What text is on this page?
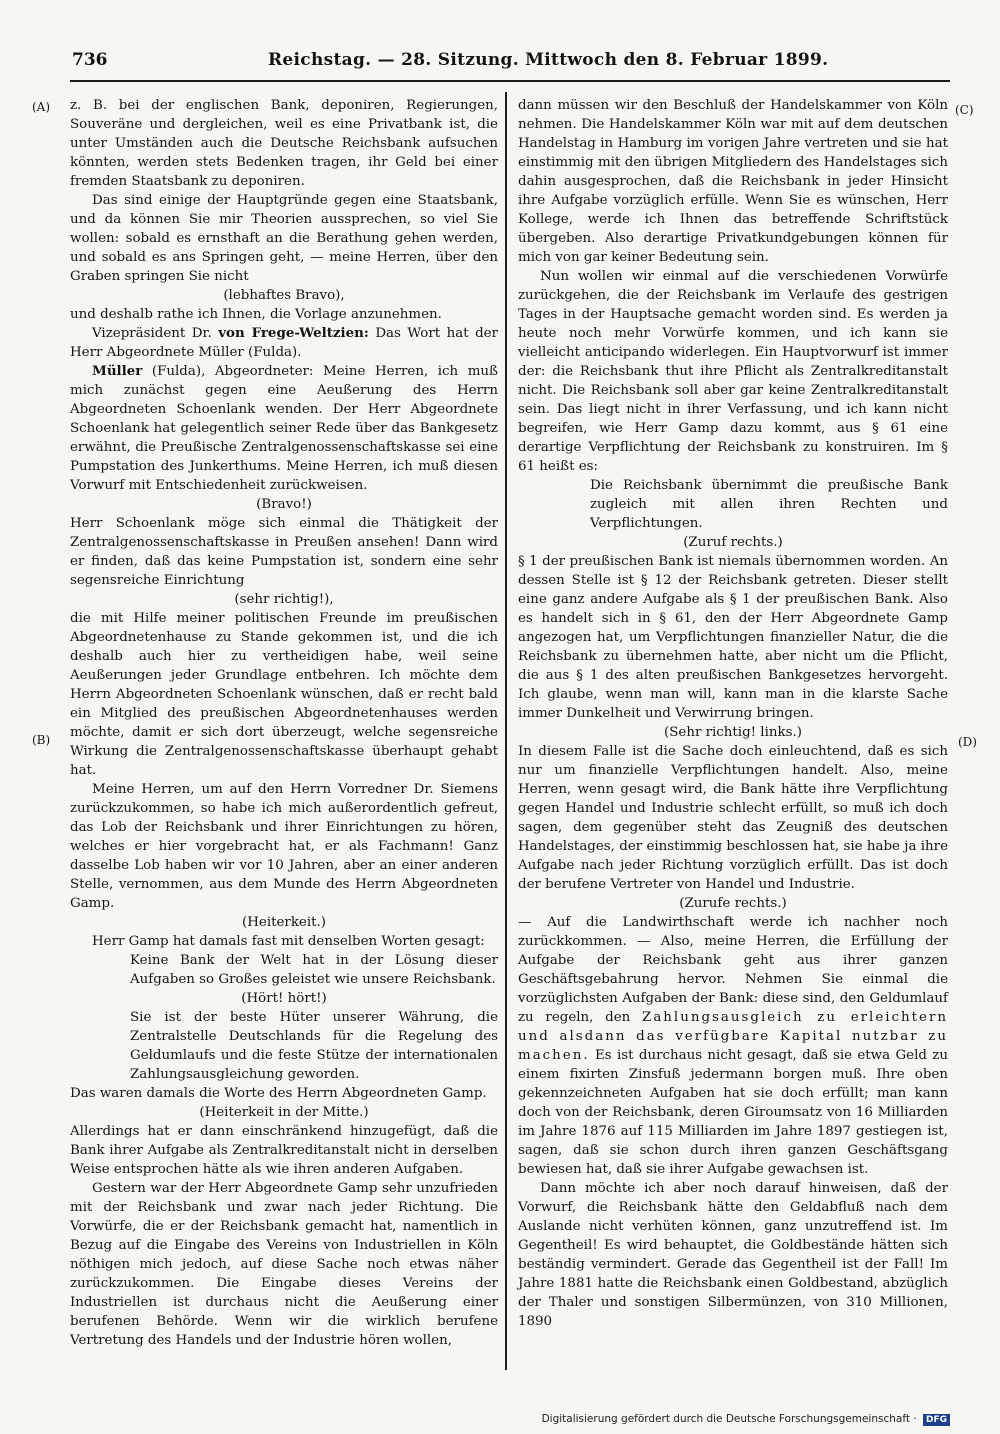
736	Reichstag. — 28. Sitzung. Mittwoch den 8. Februar 1899.
(A)
(B)
(C)
(D)

z. B. bei der englischen Bank, deponiren, Regierungen, Souveräne und dergleichen, weil es eine Privatbank ist, die unter Umständen auch die Deutsche Reichsbank aufsuchen könnten, werden stets Bedenken tragen, ihr Geld bei einer fremden Staatsbank zu deponiren.

Das sind einige der Hauptgründe gegen eine Staatsbank, und da können Sie mir Theorien aussprechen, so viel Sie wollen: sobald es ernsthaft an die Berathung gehen werden, und sobald es ans Springen geht, — meine Herren, über den Graben springen Sie nicht

(lebhaftes Bravo),

und deshalb rathe ich Ihnen, die Vorlage anzunehmen.

Vizepräsident Dr. von Frege-Weltzien: Das Wort hat der Herr Abgeordnete Müller (Fulda).

Müller (Fulda), Abgeordneter: Meine Herren, ich muß mich zunächst gegen eine Aeußerung des Herrn Abgeordneten Schoenlank wenden. Der Herr Abgeordnete Schoenlank hat gelegentlich seiner Rede über das Bankgesetz erwähnt, die Preußische Zentralgenossenschaftskasse sei eine Pumpstation des Junkerthums. Meine Herren, ich muß diesen Vorwurf mit Entschiedenheit zurückweisen.

(Bravo!)

Herr Schoenlank möge sich einmal die Thätigkeit der Zentralgenossenschaftskasse in Preußen ansehen! Dann wird er finden, daß das keine Pumpstation ist, sondern eine sehr segensreiche Einrichtung

(sehr richtig!),

die mit Hilfe meiner politischen Freunde im preußischen Abgeordnetenhause zu Stande gekommen ist, und die ich deshalb auch hier zu vertheidigen habe, weil seine Aeußerungen jeder Grundlage entbehren. Ich möchte dem Herrn Abgeordneten Schoenlank wünschen, daß er recht bald ein Mitglied des preußischen Abgeordnetenhauses werden möchte, damit er sich dort überzeugt, welche segensreiche Wirkung die Zentralgenossenschaftskasse überhaupt gehabt hat.

Meine Herren, um auf den Herrn Vorredner Dr. Siemens zurückzukommen, so habe ich mich außerordentlich gefreut, das Lob der Reichsbank und ihrer Einrichtungen zu hören, welches er hier vorgebracht hat, er als Fachmann! Ganz dasselbe Lob haben wir vor 10 Jahren, aber an einer anderen Stelle, vernommen, aus dem Munde des Herrn Abgeordneten Gamp.

(Heiterkeit.)

Herr Gamp hat damals fast mit denselben Worten gesagt:

Keine Bank der Welt hat in der Lösung dieser Aufgaben so Großes geleistet wie unsere Reichsbank.

(Hört! hört!)

Sie ist der beste Hüter unserer Währung, die Zentralstelle Deutschlands für die Regelung des Geldumlaufs und die feste Stütze der internationalen Zahlungsausgleichung geworden.

Das waren damals die Worte des Herrn Abgeordneten Gamp.

(Heiterkeit in der Mitte.)

Allerdings hat er dann einschränkend hinzugefügt, daß die Bank ihrer Aufgabe als Zentralkreditanstalt nicht in derselben Weise entsprochen hätte als wie ihren anderen Aufgaben.

Gestern war der Herr Abgeordnete Gamp sehr unzufrieden mit der Reichsbank und zwar nach jeder Richtung. Die Vorwürfe, die er der Reichsbank gemacht hat, namentlich in Bezug auf die Eingabe des Vereins von Industriellen in Köln nöthigen mich jedoch, auf diese Sache noch etwas näher zurückzukommen. Die Eingabe dieses Vereins der Industriellen ist durchaus nicht die Aeußerung einer berufenen Behörde. Wenn wir die wirklich berufene Vertretung des Handels und der Industrie hören wollen,

dann müssen wir den Beschluß der Handelskammer von Köln nehmen. Die Handelskammer Köln war mit auf dem deutschen Handelstag in Hamburg im vorigen Jahre vertreten und sie hat einstimmig mit den übrigen Mitgliedern des Handelstages sich dahin ausgesprochen, daß die Reichsbank in jeder Hinsicht ihre Aufgabe vorzüglich erfülle. Wenn Sie es wünschen, Herr Kollege, werde ich Ihnen das betreffende Schriftstück übergeben. Also derartige Privatkundgebungen können für mich von gar keiner Bedeutung sein.

Nun wollen wir einmal auf die verschiedenen Vorwürfe zurückgehen, die der Reichsbank im Verlaufe des gestrigen Tages in der Hauptsache gemacht worden sind. Es werden ja heute noch mehr Vorwürfe kommen, und ich kann sie vielleicht anticipando widerlegen. Ein Hauptvorwurf ist immer der: die Reichsbank thut ihre Pflicht als Zentralkreditanstalt nicht. Die Reichsbank soll aber gar keine Zentralkreditanstalt sein. Das liegt nicht in ihrer Verfassung, und ich kann nicht begreifen, wie Herr Gamp dazu kommt, aus § 61 eine derartige Verpflichtung der Reichsbank zu konstruiren. Im § 61 heißt es:

Die Reichsbank übernimmt die preußische Bank zugleich mit allen ihren Rechten und Verpflichtungen.

(Zuruf rechts.)

§ 1 der preußischen Bank ist niemals übernommen worden. An dessen Stelle ist § 12 der Reichsbank getreten. Dieser stellt eine ganz andere Aufgabe als § 1 der preußischen Bank. Also es handelt sich in § 61, den der Herr Abgeordnete Gamp angezogen hat, um Verpflichtungen finanzieller Natur, die die Reichsbank zu übernehmen hatte, aber nicht um die Pflicht, die aus § 1 des alten preußischen Bankgesetzes hervorgeht. Ich glaube, wenn man will, kann man in die klarste Sache immer Dunkelheit und Verwirrung bringen.

(Sehr richtig! links.)

In diesem Falle ist die Sache doch einleuchtend, daß es sich nur um finanzielle Verpflichtungen handelt. Also, meine Herren, wenn gesagt wird, die Bank hätte ihre Verpflichtung gegen Handel und Industrie schlecht erfüllt, so muß ich doch sagen, dem gegenüber steht das Zeugniß des deutschen Handelstages, der einstimmig beschlossen hat, sie habe ja ihre Aufgabe nach jeder Richtung vorzüglich erfüllt. Das ist doch der berufene Vertreter von Handel und Industrie.

(Zurufe rechts.)

— Auf die Landwirthschaft werde ich nachher noch zurückkommen. — Also, meine Herren, die Erfüllung der Aufgabe der Reichsbank geht aus ihrer ganzen Geschäftsgebahrung hervor. Nehmen Sie einmal die vorzüglichsten Aufgaben der Bank: diese sind, den Geldumlauf zu regeln, den Zahlungsausgleich zu erleichtern und alsdann das verfügbare Kapital nutzbar zu machen. Es ist durchaus nicht gesagt, daß sie etwa Geld zu einem fixirten Zinsfuß jedermann borgen muß. Ihre oben gekennzeichneten Aufgaben hat sie doch erfüllt; man kann doch von der Reichsbank, deren Giroumsatz von 16 Milliarden im Jahre 1876 auf 115 Milliarden im Jahre 1897 gestiegen ist, sagen, daß sie schon durch ihren ganzen Geschäftsgang bewiesen hat, daß sie ihrer Aufgabe gewachsen ist.

Dann möchte ich aber noch darauf hinweisen, daß der Vorwurf, die Reichsbank hätte den Geldabfluß nach dem Auslande nicht verhüten können, ganz unzutreffend ist. Im Gegentheil! Es wird behauptet, die Goldbestände hätten sich beständig vermindert. Gerade das Gegentheil ist der Fall! Im Jahre 1881 hatte die Reichsbank einen Goldbestand, abzüglich der Thaler und sonstigen Silbermünzen, von 310 Millionen, 1890

Digitalisierung gefördert durch die Deutsche Forschungsgemeinschaft · DFG
